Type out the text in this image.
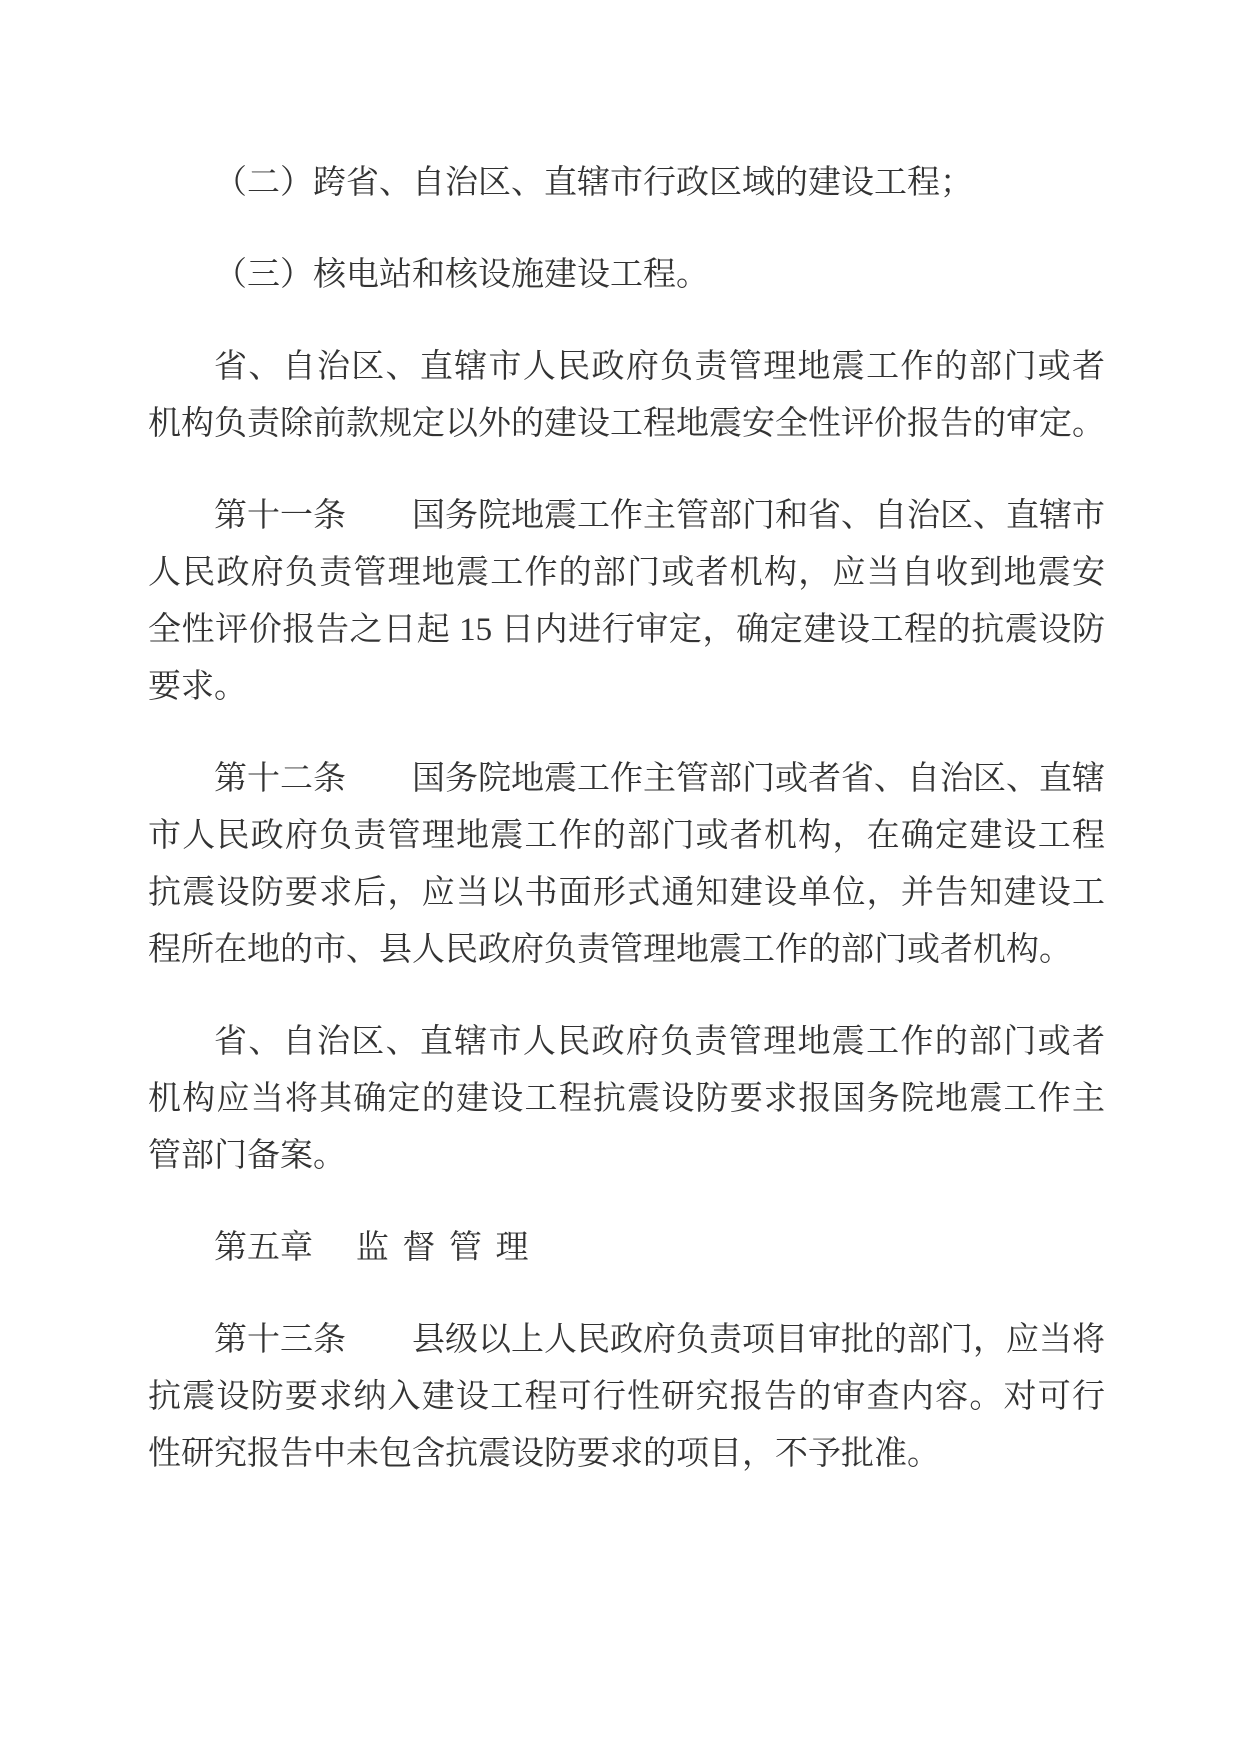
（二）跨省、自治区、直辖市行政区域的建设工程；
（三）核电站和核设施建设工程。
省、自治区、直辖市人民政府负责管理地震工作的部门或者
机构负责除前款规定以外的建设工程地震安全性评价报告的审定。
第十一条　　国务院地震工作主管部门和省、自治区、直辖市
人民政府负责管理地震工作的部门或者机构，应当自收到地震安
全性评价报告之日起 15 日内进行审定，确定建设工程的抗震设防
要求。
第十二条　　国务院地震工作主管部门或者省、自治区、直辖
市人民政府负责管理地震工作的部门或者机构，在确定建设工程
抗震设防要求后，应当以书面形式通知建设单位，并告知建设工
程所在地的市、县人民政府负责管理地震工作的部门或者机构。
省、自治区、直辖市人民政府负责管理地震工作的部门或者
机构应当将其确定的建设工程抗震设防要求报国务院地震工作主
管部门备案。
第五章 监 督 管 理
第十三条　　县级以上人民政府负责项目审批的部门，应当将
抗震设防要求纳入建设工程可行性研究报告的审查内容。对可行
性研究报告中未包含抗震设防要求的项目，不予批准。
